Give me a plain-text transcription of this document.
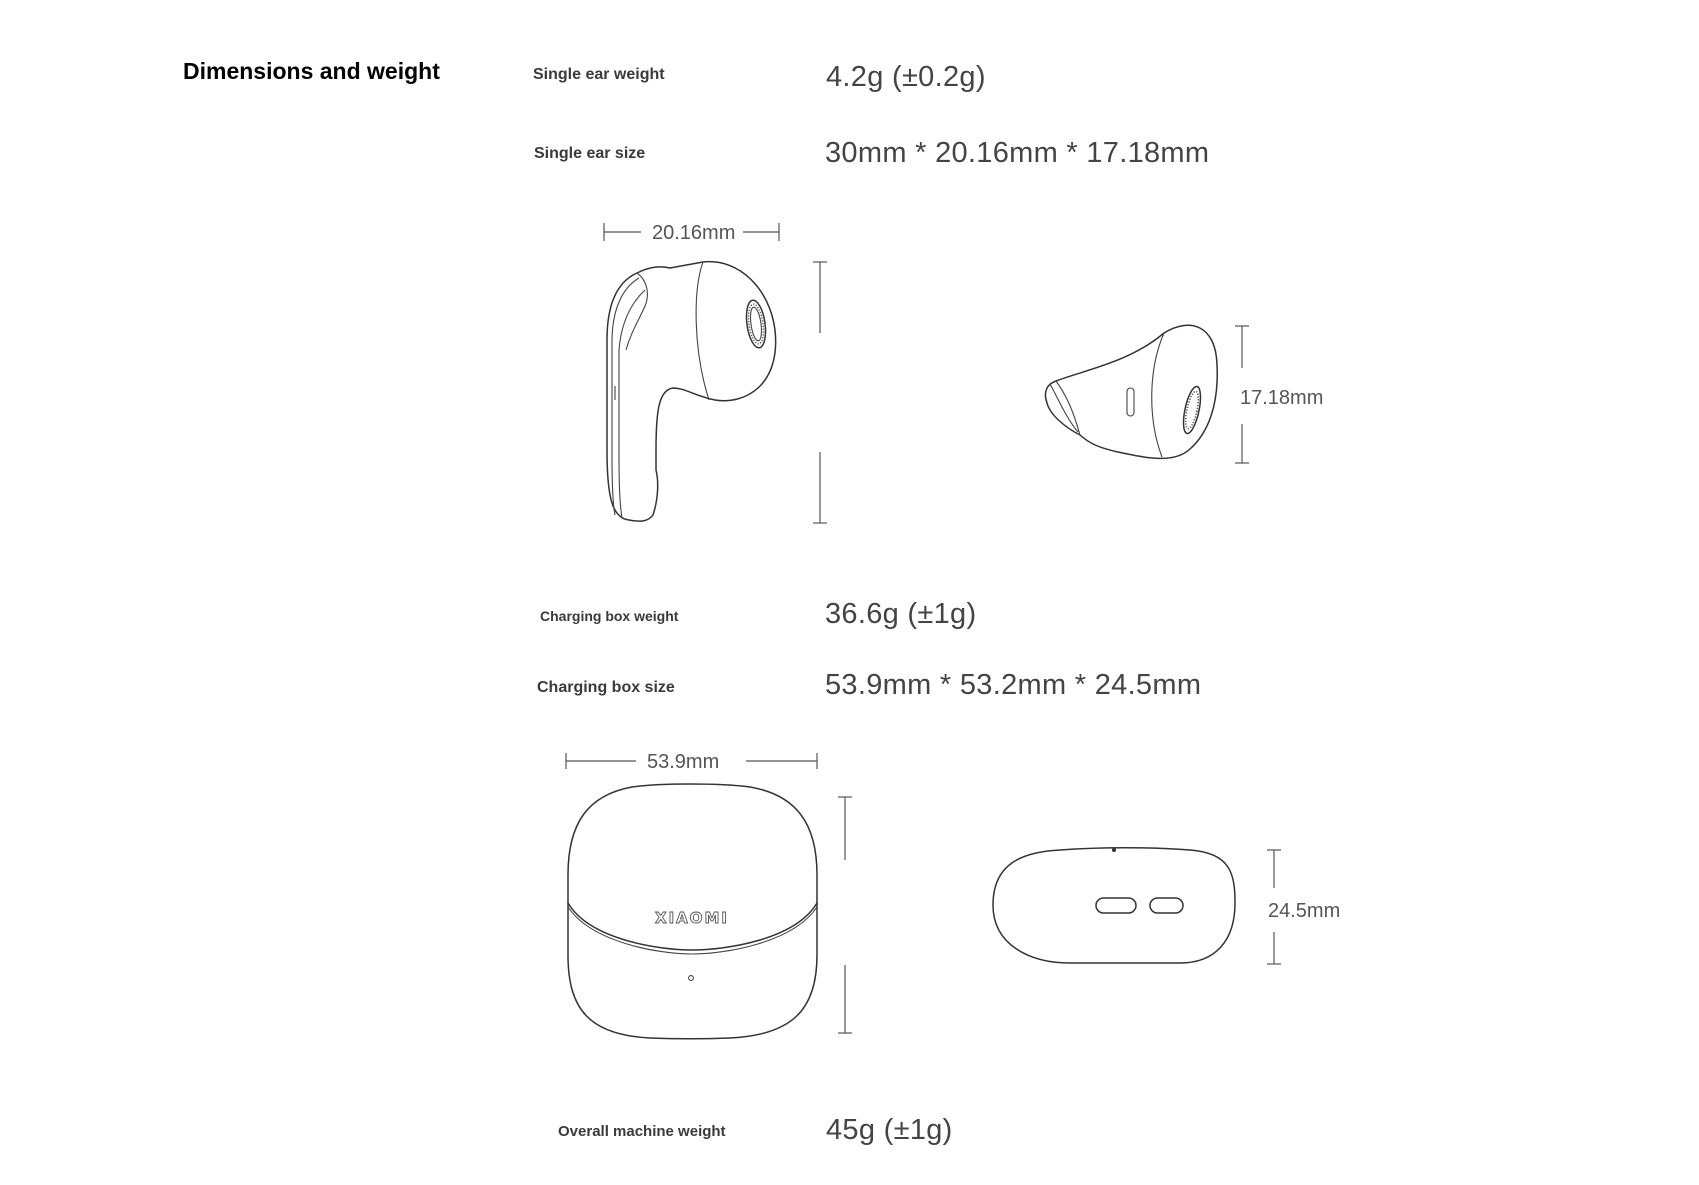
Dimensions and weight	Single ear weight	4.2g (±0.2g)
Single ear size	30mm * 20.16mm * 17.18mm
20.16mm
17.18mm
Charging box weight	36.6g (±1g)
Charging box size	53.9mm * 53.2mm * 24.5mm
53.9mm
XIAOMI	24.5mm
Overall machine weight	45g (±1g)
